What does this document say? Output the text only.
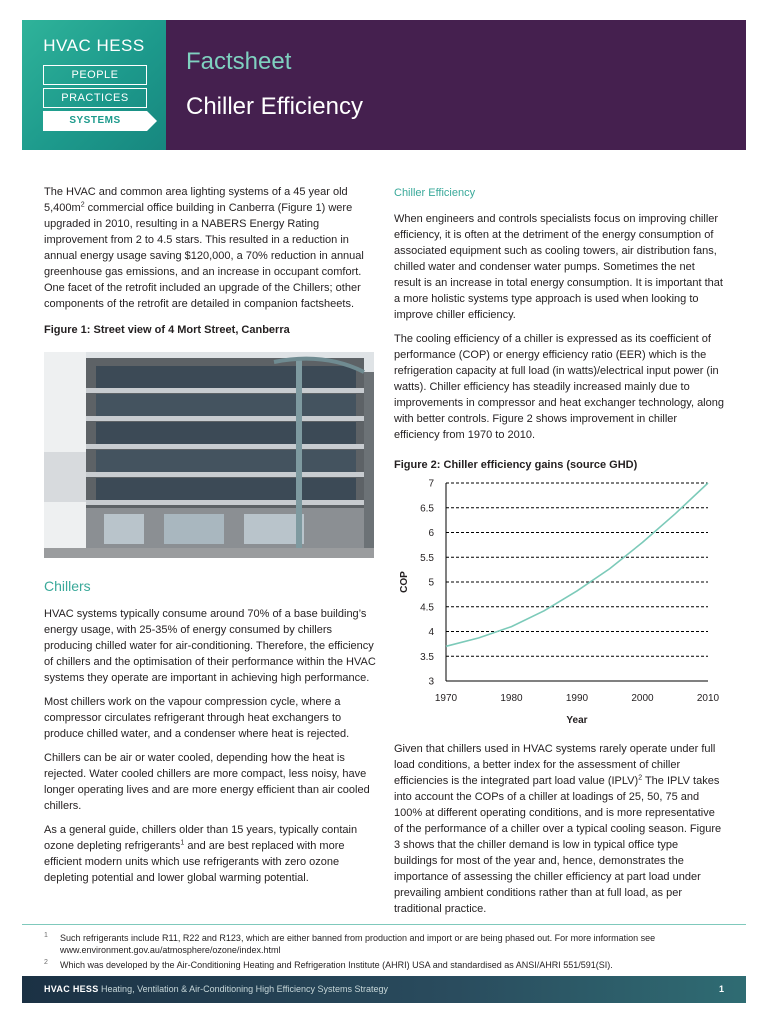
HVAC HESS
PEOPLE
PRACTICES
SYSTEMS
Factsheet
Chiller Efficiency

The HVAC and common area lighting systems of a 45 year old $5,400m^2$ commercial office building in Canberra (Figure 1) were upgraded in 2010, resulting in a NABERS Energy Rating improvement from 2 to 4.5 stars. This resulted in a reduction in annual energy usage saving $120,000, a 70% reduction in annual greenhouse gas emissions, and an increase in occupant comfort. One facet of the retrofit included an upgrade of the Chillers; other components of the retrofit are detailed in companion factsheets.

Figure 1: Street view of 4 Mort Street, Canberra
Chillers

HVAC systems typically consume around 70% of a base building’s energy usage, with 25-35% of energy consumed by chillers producing chilled water for air-conditioning. Therefore, the efficiency of chillers and the optimisation of their performance within the HVAC systems they operate are important in achieving high performance.

Most chillers work on the vapour compression cycle, where a compressor circulates refrigerant through heat exchangers to produce chilled water, and a condenser where heat is rejected.

Chillers can be air or water cooled, depending how the heat is rejected. Water cooled chillers are more compact, less noisy, have longer operating lives and are more energy efficient than air cooled chillers.

As a general guide, chillers older than 15 years, typically contain ozone depleting refrigerants$^1$ and are best replaced with more efficient modern units which use refrigerants with zero ozone depleting potential and lower global warming potential.

Chiller Efficiency

When engineers and controls specialists focus on improving chiller efficiency, it is often at the detriment of the energy consumption of associated equipment such as cooling towers, air distribution fans, chilled water and condenser water pumps. Sometimes the net result is an increase in total energy consumption. It is important that a more holistic systems type approach is used when looking to improve chiller efficiency.

The cooling efficiency of a chiller is expressed as its coefficient of performance (COP) or energy efficiency ratio (EER) which is the refrigeration capacity at full load (in watts)/electrical input power (in watts). Chiller efficiency has steadily increased mainly due to improvements in compressor and heat exchanger technology, along with better controls. Figure 2 shows improvement in chiller efficiency from 1970 to 2010.

Figure 2: Chiller efficiency gains (source GHD)
3
3.5
4
4.5
5
5.5
6
6.5
7
1970	1980	1990	2000	2010
Year
COP

Given that chillers used in HVAC systems rarely operate under full load conditions, a better index for the assessment of chiller efficiencies is the integrated part load value (IPLV)$^2$ The IPLV takes into account the COPs of a chiller at loadings of 25, 50, 75 and 100% at different operating conditions, and is more representative of the performance of a chiller over a typical cooling season. Figure 3 shows that the chiller demand is low in typical office type buildings for most of the year and, hence, demonstrates the importance of assessing the chiller efficiency at part load under prevailing ambient conditions rather than at full load, as per traditional practice.

1	Such refrigerants include R11, R22 and R123, which are either banned from production and import or are being phased out. For more information see www.environment.gov.au/atmosphere/ozone/index.html
2	Which was developed by the Air-Conditioning Heating and Refrigeration Institute (AHRI) USA and standardised as ANSI/AHRI 551/591(SI).
HVAC HESS Heating, Ventilation & Air-Conditioning High Efficiency Systems Strategy	1
